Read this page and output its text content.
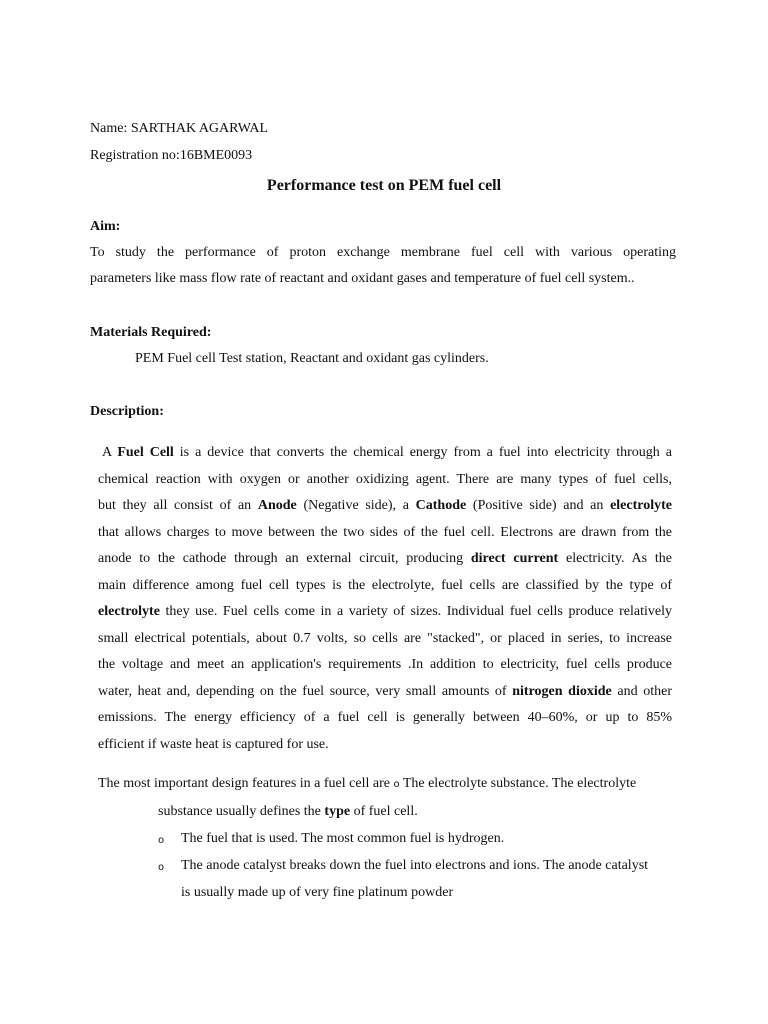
Name: SARTHAK AGARWAL
Registration no:16BME0093
Performance test on PEM fuel cell
Aim:
To study the performance of proton exchange membrane fuel cell with various operating
parameters like mass flow rate of reactant and oxidant gases and temperature of fuel cell system..
Materials Required:
PEM Fuel cell Test station, Reactant and oxidant gas cylinders.
Description:
A Fuel Cell is a device that converts the chemical energy from a fuel into electricity through a
chemical reaction with oxygen or another oxidizing agent. There are many types of fuel cells,
but they all consist of an Anode (Negative side), a Cathode (Positive side) and an electrolyte
that allows charges to move between the two sides of the fuel cell. Electrons are drawn from the
anode to the cathode through an external circuit, producing direct current electricity. As the
main difference among fuel cell types is the electrolyte, fuel cells are classified by the type of
electrolyte they use. Fuel cells come in a variety of sizes. Individual fuel cells produce relatively
small electrical potentials, about 0.7 volts, so cells are "stacked", or placed in series, to increase
the voltage and meet an application's requirements .In addition to electricity, fuel cells produce
water, heat and, depending on the fuel source, very small amounts of nitrogen dioxide and other
emissions. The energy efficiency of a fuel cell is generally between 40–60%, or up to 85%
efficient if waste heat is captured for use.
The most important design features in a fuel cell are o The electrolyte substance. The electrolyte
substance usually defines the type of fuel cell.
o The fuel that is used. The most common fuel is hydrogen.
o The anode catalyst breaks down the fuel into electrons and ions. The anode catalyst
is usually made up of very fine platinum powder
